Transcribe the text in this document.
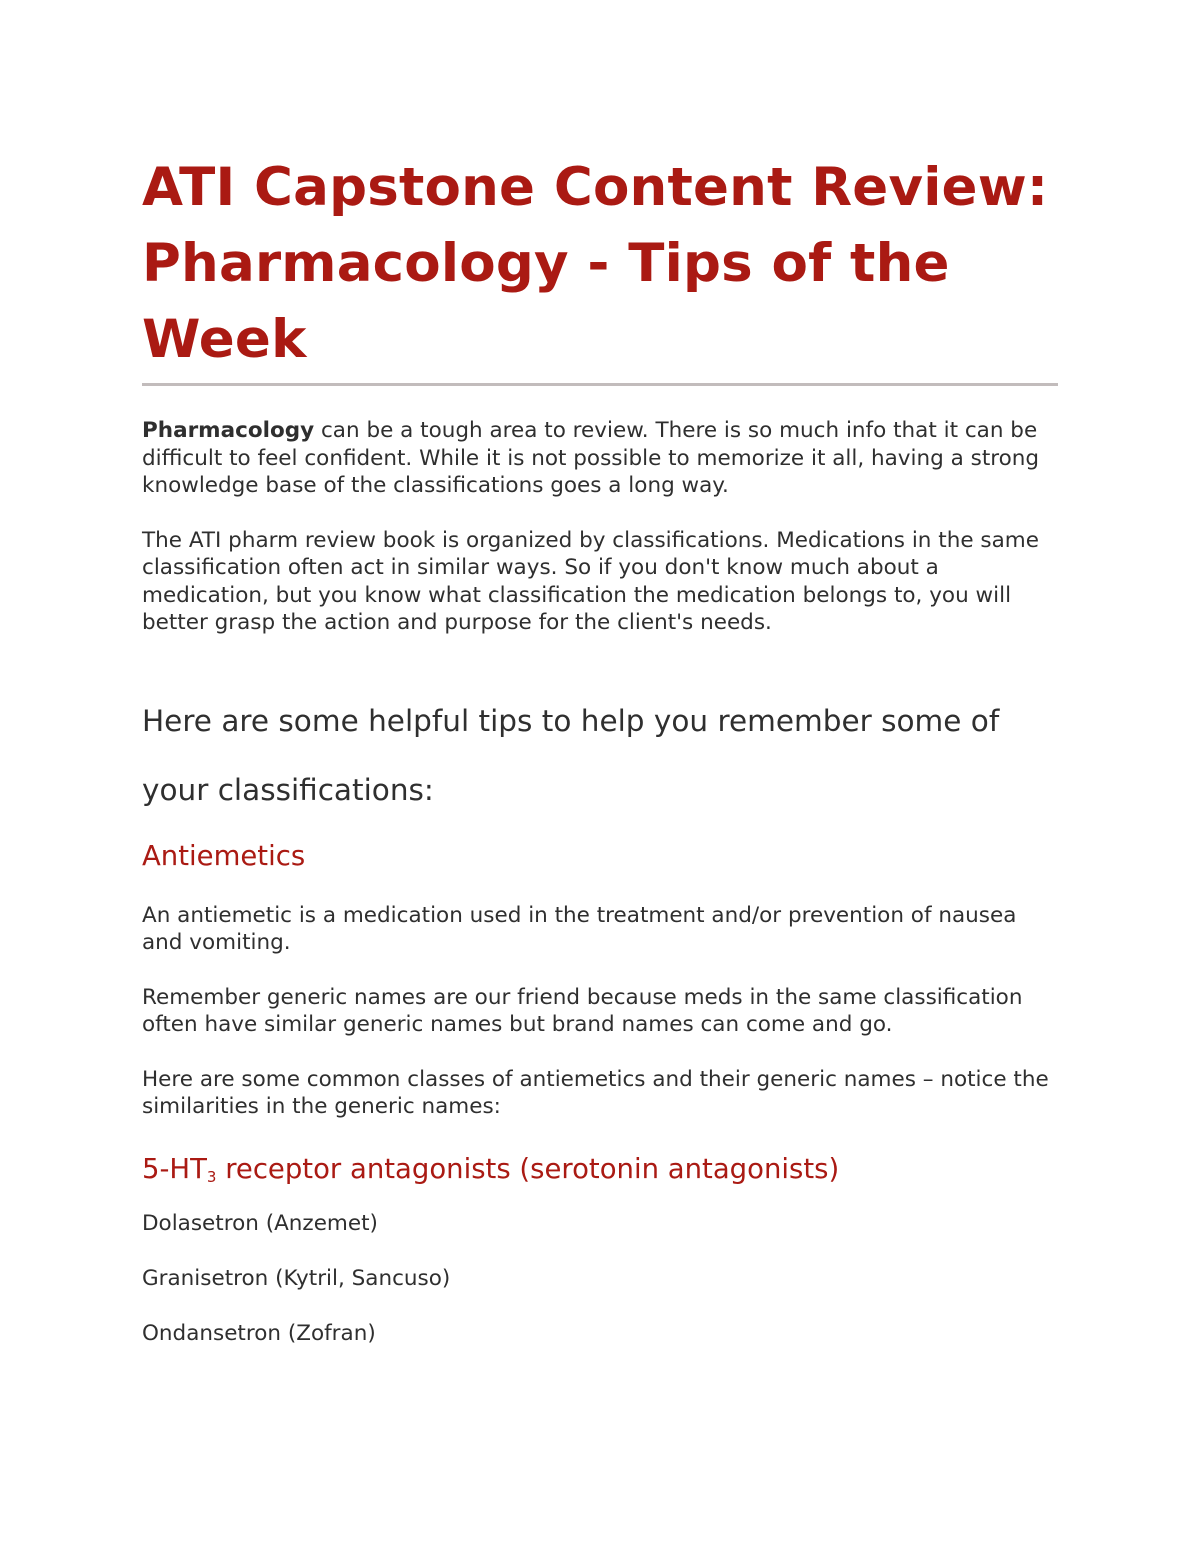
ATI Capstone Content Review: Pharmacology - Tips of the Week

Pharmacology can be a tough area to review. There is so much info that it can be difficult to feel confident. While it is not possible to memorize it all, having a strong knowledge base of the classifications goes a long way.

The ATI pharm review book is organized by classifications. Medications in the same classification often act in similar ways. So if you don't know much about a medication, but you know what classification the medication belongs to, you will better grasp the action and purpose for the client's needs.

Here are some helpful tips to help you remember some of your classifications:
Antiemetics

An antiemetic is a medication used in the treatment and/or prevention of nausea and vomiting.

Remember generic names are our friend because meds in the same classification often have similar generic names but brand names can come and go.

Here are some common classes of antiemetics and their generic names – notice the similarities in the generic names:

$5-HT_3$ receptor antagonists (serotonin antagonists)
Dolasetron (Anzemet)
Granisetron (Kytril, Sancuso)
Ondansetron (Zofran)
